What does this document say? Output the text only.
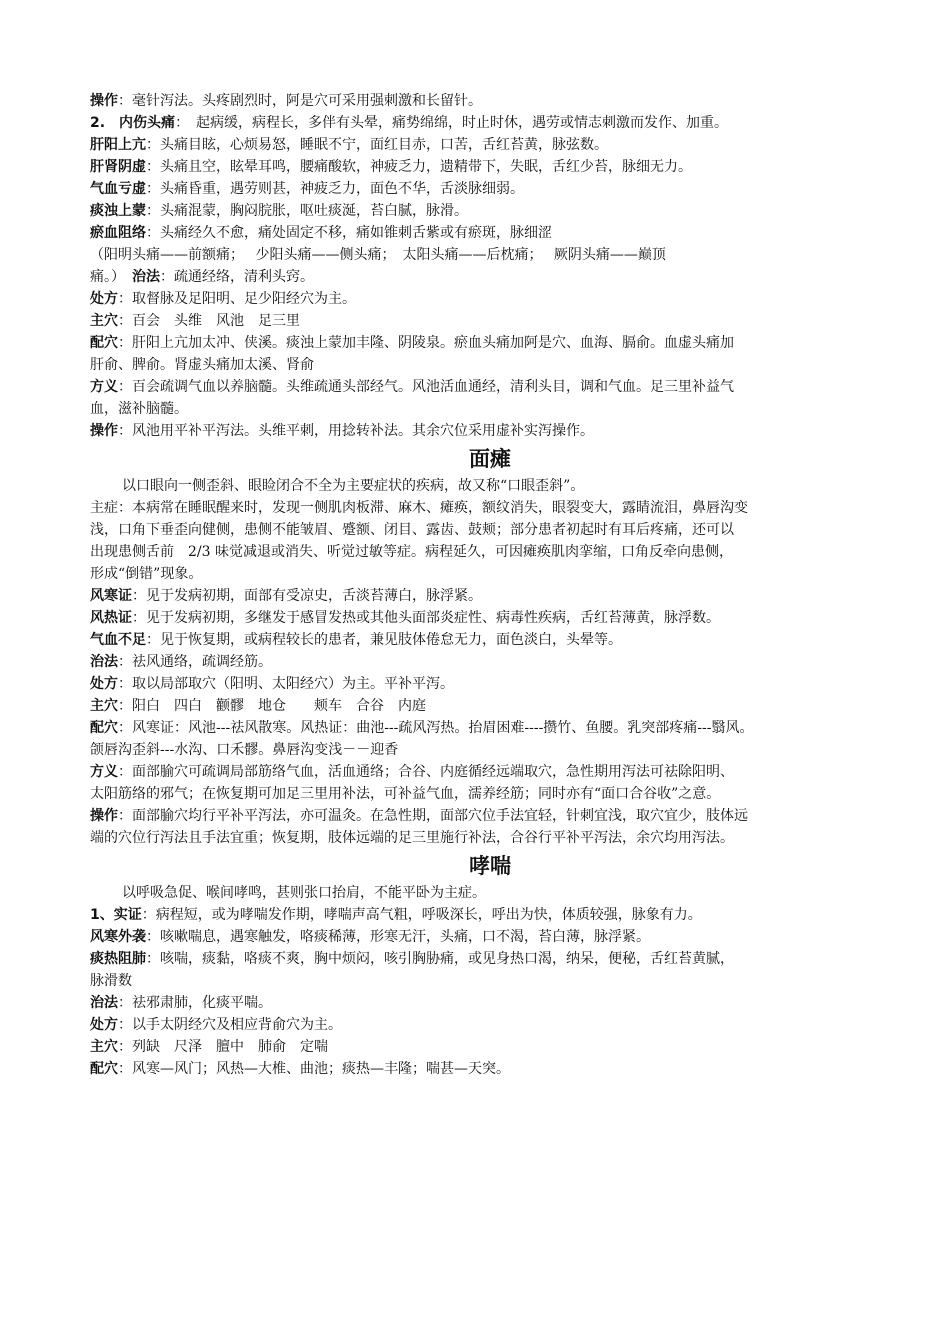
操作：毫针泻法。头疼剧烈时，阿是穴可采用强刺激和长留针。
2.　内伤头痛：　起病缓，病程长，多伴有头晕，痛势绵绵，时止时休，遇劳或情志刺激而发作、加重。
肝阳上亢：头痛目眩，心烦易怒，睡眠不宁，面红目赤，口苦，舌红苔黄，脉弦数。
肝肾阴虚：头痛且空，眩晕耳鸣，腰痛酸软，神疲乏力，遗精带下，失眠，舌红少苔，脉细无力。
气血亏虚：头痛昏重，遇劳则甚，神疲乏力，面色不华，舌淡脉细弱。
痰浊上蒙：头痛混蒙，胸闷脘胀，呕吐痰涎，苔白腻，脉滑。
瘀血阻络：头痛经久不愈，痛处固定不移，痛如锥刺舌紫或有瘀斑，脉细涩
（阳明头痛——前额痛；　 少阳头痛——侧头痛；　太阳头痛——后枕痛；　 厥阴头痛——巅顶
痛。）　治法：疏通经络，清利头窍。
处方：取督脉及足阳明、足少阳经穴为主。
主穴：百会　头维　风池　足三里
配穴：肝阳上亢加太冲、侠溪。痰浊上蒙加丰隆、阴陵泉。瘀血头痛加阿是穴、血海、膈俞。血虚头痛加
肝俞、脾俞。肾虚头痛加太溪、肾俞
方义：百会疏调气血以养脑髓。头维疏通头部经气。风池活血通经，清利头目，调和气血。足三里补益气
血，滋补脑髓。
操作：风池用平补平泻法。头维平刺，用捻转补法。其余穴位采用虚补实泻操作。
面瘫
以口眼向一侧歪斜、眼睑闭合不全为主要症状的疾病，故又称“口眼歪斜”。
主症：本病常在睡眠醒来时，发现一侧肌肉板滞、麻木、瘫痪，额纹消失，眼裂变大，露睛流泪，鼻唇沟变
浅，口角下垂歪向健侧，患侧不能皱眉、蹙额、闭目、露齿、鼓颊；部分患者初起时有耳后疼痛，还可以
出现患侧舌前　2/3 味觉减退或消失、听觉过敏等症。病程延久，可因瘫痪肌肉挛缩，口角反牵向患侧，
形成“倒错”现象。
风寒证：见于发病初期，面部有受凉史，舌淡苔薄白，脉浮紧。
风热证：见于发病初期，多继发于感冒发热或其他头面部炎症性、病毒性疾病，舌红苔薄黄，脉浮数。
气血不足：见于恢复期，或病程较长的患者，兼见肢体倦怠无力，面色淡白，头晕等。
治法：祛风通络，疏调经筋。
处方：取以局部取穴（阳明、太阳经穴）为主。平补平泻。
主穴：阳白　四白　颧髎　地仓　　颊车　合谷　内庭
配穴：风寒证：风池---祛风散寒。风热证：曲池---疏风泻热。抬眉困难----攒竹、鱼腰。乳突部疼痛---翳风。
颌唇沟歪斜---水沟、口禾髎。鼻唇沟变浅－－迎香
方义：面部腧穴可疏调局部筋络气血，活血通络；合谷、内庭循经远端取穴，急性期用泻法可祛除阳明、
太阳筋络的邪气；在恢复期可加足三里用补法，可补益气血，濡养经筋；同时亦有“面口合谷收”之意。
操作：面部腧穴均行平补平泻法，亦可温灸。在急性期，面部穴位手法宜轻，针刺宜浅，取穴宜少，肢体远
端的穴位行泻法且手法宜重；恢复期，肢体远端的足三里施行补法，合谷行平补平泻法，余穴均用泻法。
哮喘
以呼吸急促、喉间哮鸣，甚则张口抬肩，不能平卧为主症。
1、实证：病程短，或为哮喘发作期，哮喘声高气粗，呼吸深长，呼出为快，体质较强，脉象有力。
风寒外袭：咳嗽喘息，遇寒触发，咯痰稀薄，形寒无汗，头痛，口不渴，苔白薄，脉浮紧。
痰热阻肺：咳喘，痰黏，咯痰不爽，胸中烦闷，咳引胸胁痛，或见身热口渴，纳呆，便秘，舌红苔黄腻，
脉滑数
治法：祛邪肃肺，化痰平喘。
处方：以手太阴经穴及相应背俞穴为主。
主穴：列缺　尺泽　膻中　肺俞　定喘
配穴：风寒—风门；风热—大椎、曲池；痰热—丰隆；喘甚—天突。
